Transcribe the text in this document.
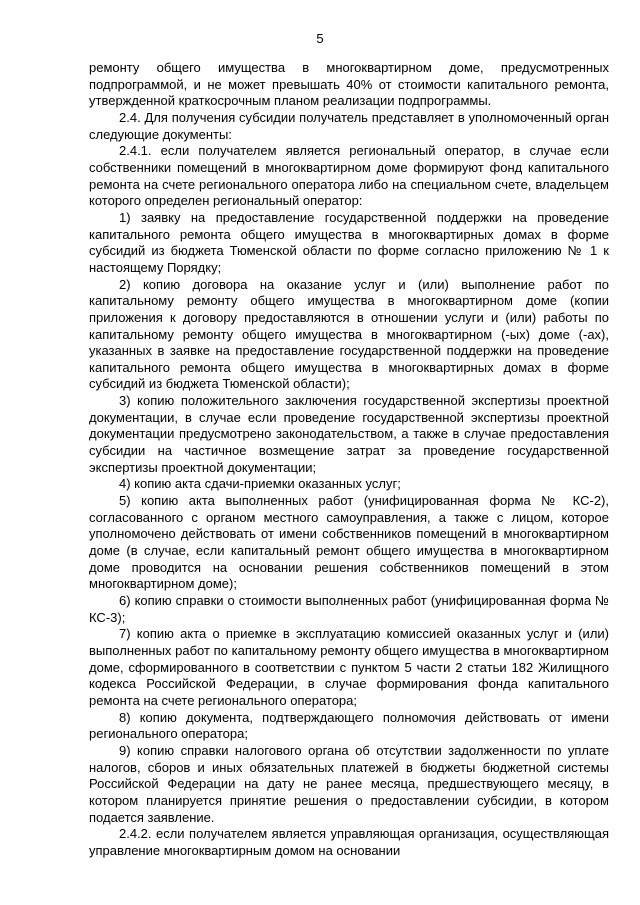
5

ремонту общего имущества в многоквартирном доме, предусмотренных подпрограммой, и не может превышать 40% от стоимости капитального ремонта, утвержденной краткосрочным планом реализации подпрограммы.

2.4. Для получения субсидии получатель представляет в уполномоченный орган следующие документы:

2.4.1. если получателем является региональный оператор, в случае если собственники помещений в многоквартирном доме формируют фонд капитального ремонта на счете регионального оператора либо на специальном счете, владельцем которого определен региональный оператор:

1) заявку на предоставление государственной поддержки на проведение капитального ремонта общего имущества в многоквартирных домах в форме субсидий из бюджета Тюменской области по форме согласно приложению № 1 к настоящему Порядку;

2) копию договора на оказание услуг и (или) выполнение работ по капитальному ремонту общего имущества в многоквартирном доме (копии приложения к договору предоставляются в отношении услуги и (или) работы по капитальному ремонту общего имущества в многоквартирном (-ых) доме (-ах), указанных в заявке на предоставление государственной поддержки на проведение капитального ремонта общего имущества в многоквартирных домах в форме субсидий из бюджета Тюменской области);

3) копию положительного заключения государственной экспертизы проектной документации, в случае если проведение государственной экспертизы проектной документации предусмотрено законодательством, а также в случае предоставления субсидии на частичное возмещение затрат за проведение государственной экспертизы проектной документации;

4) копию акта сдачи-приемки оказанных услуг;

5) копию акта выполненных работ (унифицированная форма № КС-2), согласованного с органом местного самоуправления, а также с лицом, которое уполномочено действовать от имени собственников помещений в многоквартирном доме (в случае, если капитальный ремонт общего имущества в многоквартирном доме проводится на основании решения собственников помещений в этом многоквартирном доме);

6) копию справки о стоимости выполненных работ (унифицированная форма № КС-3);

7) копию акта о приемке в эксплуатацию комиссией оказанных услуг и (или) выполненных работ по капитальному ремонту общего имущества в многоквартирном доме, сформированного в соответствии с пунктом 5 части 2 статьи 182 Жилищного кодекса Российской Федерации, в случае формирования фонда капитального ремонта на счете регионального оператора;

8) копию документа, подтверждающего полномочия действовать от имени регионального оператора;

9) копию справки налогового органа об отсутствии задолженности по уплате налогов, сборов и иных обязательных платежей в бюджеты бюджетной системы Российской Федерации на дату не ранее месяца, предшествующего месяцу, в котором планируется принятие решения о предоставлении субсидии, в котором подается заявление.

2.4.2. если получателем является управляющая организация, осуществляющая управление многоквартирным домом на основании
